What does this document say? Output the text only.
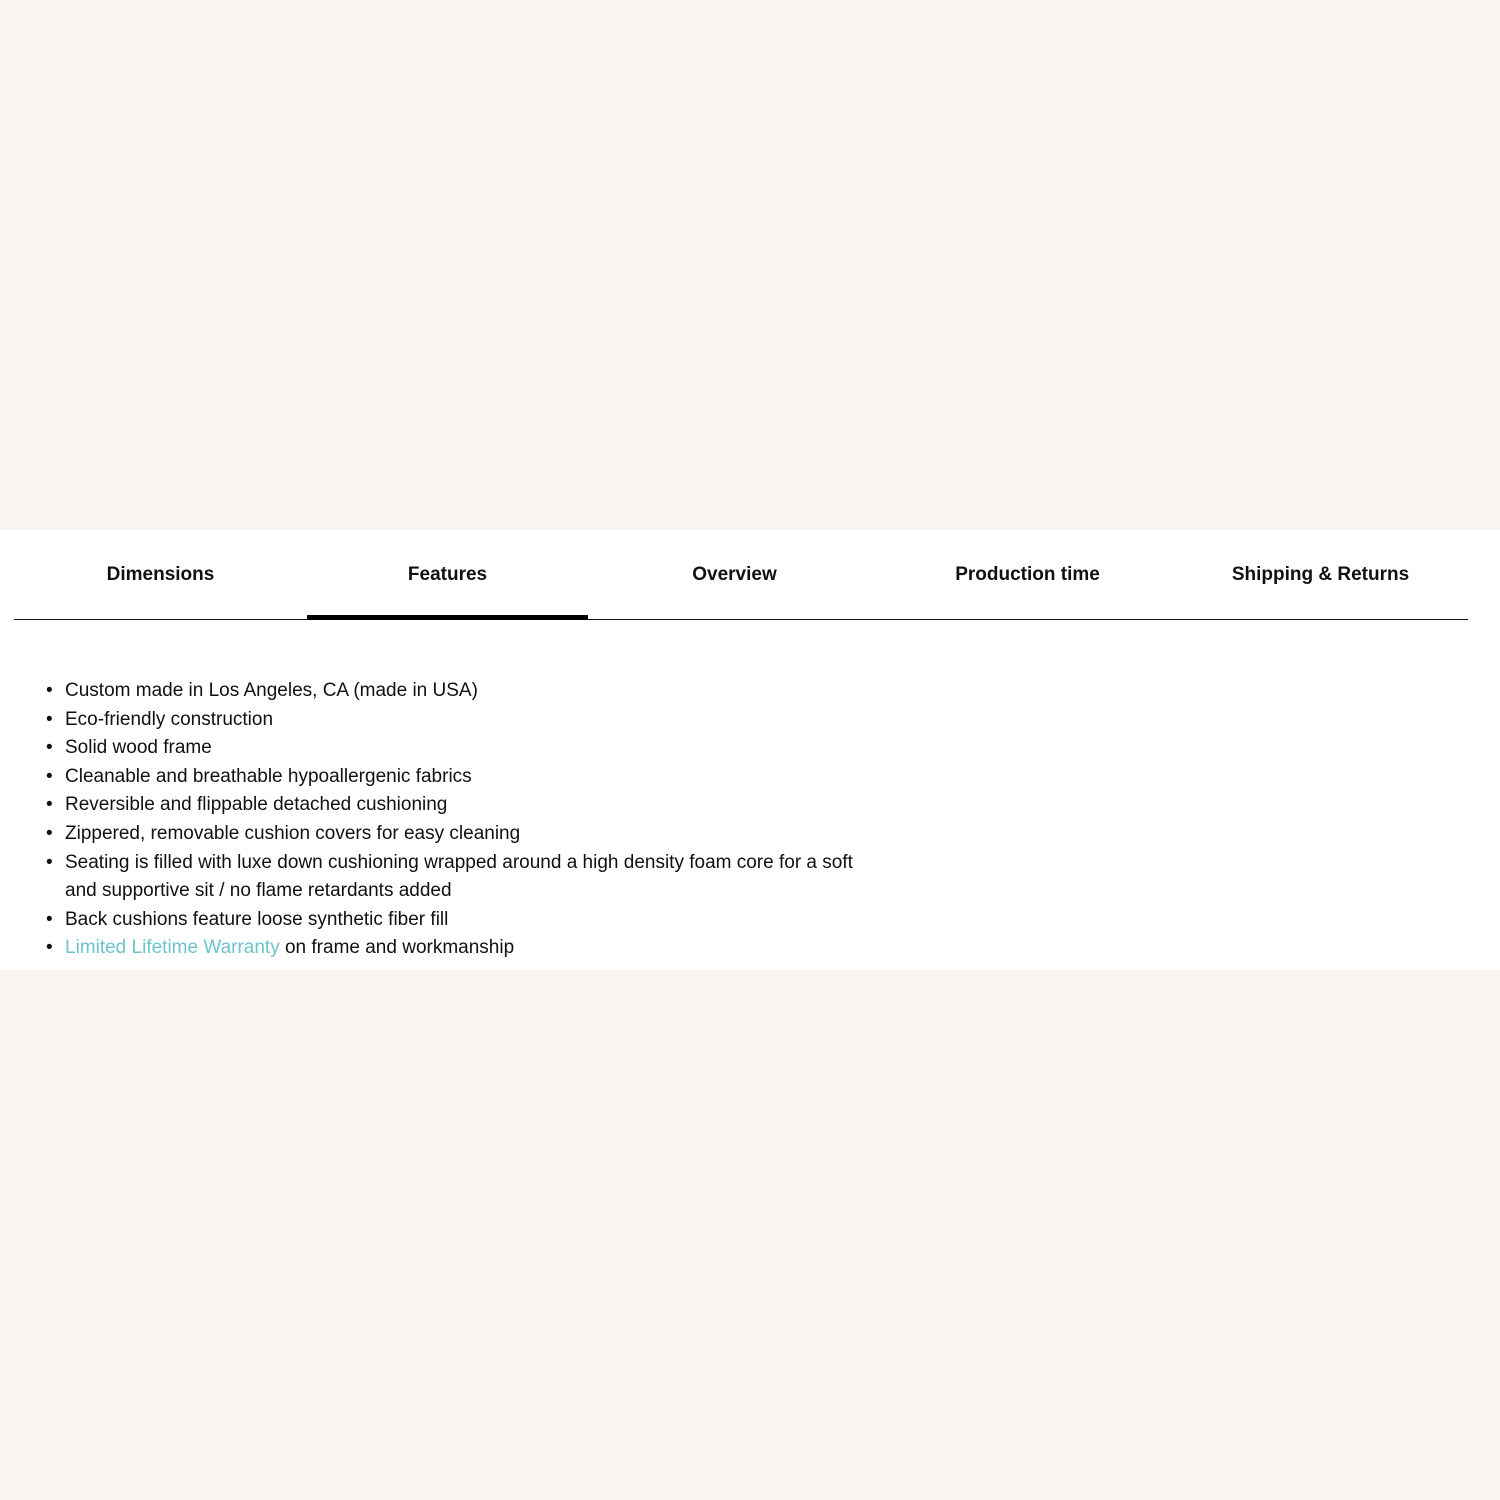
Dimensions	Features	Overview	Production time	Shipping & Returns
• Custom made in Los Angeles, CA (made in USA)
• Eco-friendly construction
• Solid wood frame
• Cleanable and breathable hypoallergenic fabrics
• Reversible and flippable detached cushioning
• Zippered, removable cushion covers for easy cleaning
• Seating is filled with luxe down cushioning wrapped around a high density foam core for a soft and supportive sit / no flame retardants added
• Back cushions feature loose synthetic fiber fill
• Limited Lifetime Warranty on frame and workmanship
